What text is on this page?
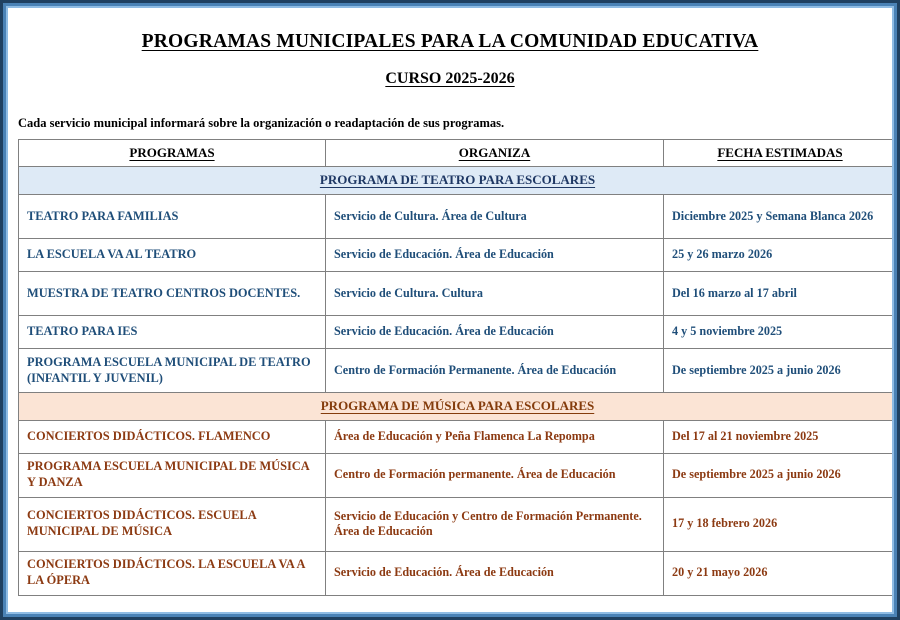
PROGRAMAS MUNICIPALES PARA LA COMUNIDAD EDUCATIVA
CURSO 2025-2026

Cada servicio municipal informará sobre la organización o readaptación de sus programas.

PROGRAMAS	ORGANIZA	FECHA ESTIMADAS
PROGRAMA DE TEATRO PARA ESCOLARES		
TEATRO PARA FAMILIAS	Servicio de Cultura. Área de Cultura	Diciembre 2025 y Semana Blanca 2026
LA ESCUELA VA AL TEATRO	Servicio de Educación. Área de Educación	25 y 26 marzo 2026
MUESTRA DE TEATRO CENTROS DOCENTES.	Servicio de Cultura. Cultura	Del 16 marzo al 17 abril
TEATRO PARA IES	Servicio de Educación. Área de Educación	4 y 5 noviembre 2025
PROGRAMA ESCUELA MUNICIPAL DE TEATRO (INFANTIL Y JUVENIL)	Centro de Formación Permanente. Área de Educación	De septiembre 2025 a junio 2026
PROGRAMA DE MÚSICA PARA ESCOLARES		
CONCIERTOS DIDÁCTICOS. FLAMENCO	Área de Educación y Peña Flamenca La Repompa	Del 17 al 21 noviembre 2025
PROGRAMA ESCUELA MUNICIPAL DE MÚSICA Y DANZA	Centro de Formación permanente. Área de Educación	De septiembre 2025 a junio 2026
CONCIERTOS DIDÁCTICOS. ESCUELA MUNICIPAL DE MÚSICA	Servicio de Educación y Centro de Formación Permanente. Área de Educación	17 y 18 febrero 2026
CONCIERTOS DIDÁCTICOS. LA ESCUELA VA A LA ÓPERA	Servicio de Educación. Área de Educación	20 y 21 mayo 2026
